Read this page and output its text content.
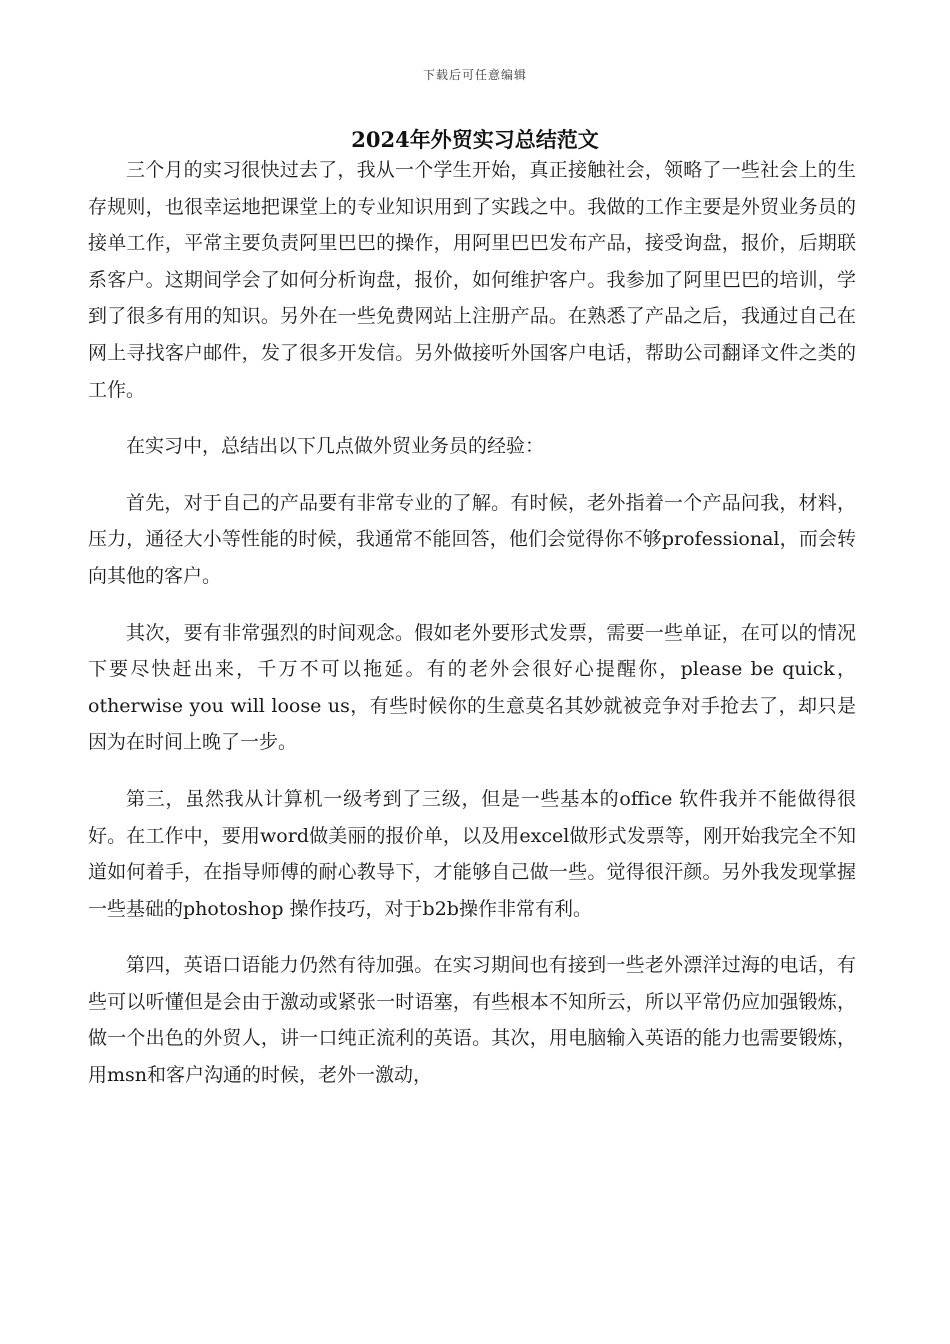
下载后可任意编辑
2024年外贸实习总结范文

三个月的实习很快过去了，我从一个学生开始，真正接触社会，领略了一些社会上的生存规则，也很幸运地把课堂上的专业知识用到了实践之中。我做的工作主要是外贸业务员的接单工作，平常主要负责阿里巴巴的操作，用阿里巴巴发布产品，接受询盘，报价，后期联系客户。这期间学会了如何分析询盘，报价，如何维护客户。我参加了阿里巴巴的培训，学到了很多有用的知识。另外在一些免费网站上注册产品。在熟悉了产品之后，我通过自己在网上寻找客户邮件，发了很多开发信。另外做接听外国客户电话，帮助公司翻译文件之类的工作。

在实习中，总结出以下几点做外贸业务员的经验：

首先，对于自己的产品要有非常专业的了解。有时候，老外指着一个产品问我，材料，压力，通径大小等性能的时候，我通常不能回答，他们会觉得你不够professional，而会转向其他的客户。

其次，要有非常强烈的时间观念。假如老外要形式发票，需要一些单证，在可以的情况下要尽快赶出来，千万不可以拖延。有的老外会很好心提醒你，please be quick，otherwise you will loose us，有些时候你的生意莫名其妙就被竞争对手抢去了，却只是因为在时间上晚了一步。

第三，虽然我从计算机一级考到了三级，但是一些基本的office 软件我并不能做得很好。在工作中，要用word做美丽的报价单，以及用excel做形式发票等，刚开始我完全不知道如何着手，在指导师傅的耐心教导下，才能够自己做一些。觉得很汗颜。另外我发现掌握一些基础的photoshop 操作技巧，对于b2b操作非常有利。

第四，英语口语能力仍然有待加强。在实习期间也有接到一些老外漂洋过海的电话，有些可以听懂但是会由于激动或紧张一时语塞，有些根本不知所云，所以平常仍应加强锻炼，做一个出色的外贸人，讲一口纯正流利的英语。其次，用电脑输入英语的能力也需要锻炼，用msn和客户沟通的时候，老外一激动，
